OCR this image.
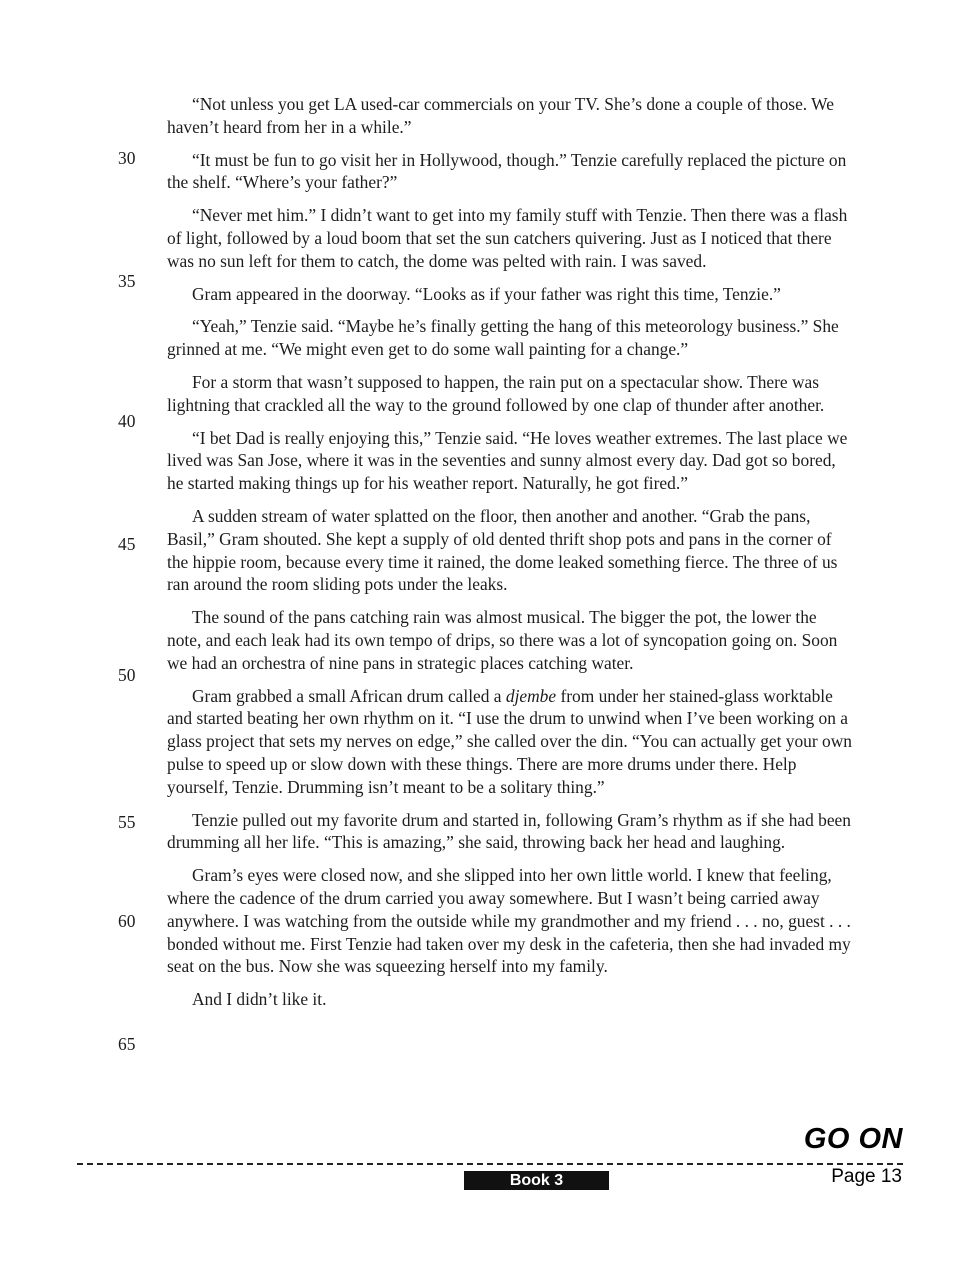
“Not unless you get LA used-car commercials on your TV. She’s done a couple of those. We haven’t heard from her in a while.”

“It must be fun to go visit her in Hollywood, though.” Tenzie carefully replaced the picture on the shelf. “Where’s your father?”

“Never met him.” I didn’t want to get into my family stuff with Tenzie. Then there was a flash of light, followed by a loud boom that set the sun catchers quivering. Just as I noticed that there was no sun left for them to catch, the dome was pelted with rain. I was saved.

Gram appeared in the doorway. “Looks as if your father was right this time, Tenzie.”

“Yeah,” Tenzie said. “Maybe he’s finally getting the hang of this meteorology business.” She grinned at me. “We might even get to do some wall painting for a change.”

For a storm that wasn’t supposed to happen, the rain put on a spectacular show. There was lightning that crackled all the way to the ground followed by one clap of thunder after another.

“I bet Dad is really enjoying this,” Tenzie said. “He loves weather extremes. The last place we lived was San Jose, where it was in the seventies and sunny almost every day. Dad got so bored, he started making things up for his weather report. Naturally, he got fired.”

A sudden stream of water splatted on the floor, then another and another. “Grab the pans, Basil,” Gram shouted. She kept a supply of old dented thrift shop pots and pans in the corner of the hippie room, because every time it rained, the dome leaked something fierce. The three of us ran around the room sliding pots under the leaks.

The sound of the pans catching rain was almost musical. The bigger the pot, the lower the note, and each leak had its own tempo of drips, so there was a lot of syncopation going on. Soon we had an orchestra of nine pans in strategic places catching water.

Gram grabbed a small African drum called a djembe from under her stained-glass worktable and started beating her own rhythm on it. “I use the drum to unwind when I’ve been working on a glass project that sets my nerves on edge,” she called over the din. “You can actually get your own pulse to speed up or slow down with these things. There are more drums under there. Help yourself, Tenzie. Drumming isn’t meant to be a solitary thing.”

Tenzie pulled out my favorite drum and started in, following Gram’s rhythm as if she had been drumming all her life. “This is amazing,” she said, throwing back her head and laughing.

Gram’s eyes were closed now, and she slipped into her own little world. I knew that feeling, where the cadence of the drum carried you away somewhere. But I wasn’t being carried away anywhere. I was watching from the outside while my grandmother and my friend . . . no, guest . . . bonded without me. First Tenzie had taken over my desk in the cafeteria, then she had invaded my seat on the bus. Now she was squeezing herself into my family.

And I didn’t like it.

30
35
40
45
50
55
60
65
GO ON
Book 3	Page 13
